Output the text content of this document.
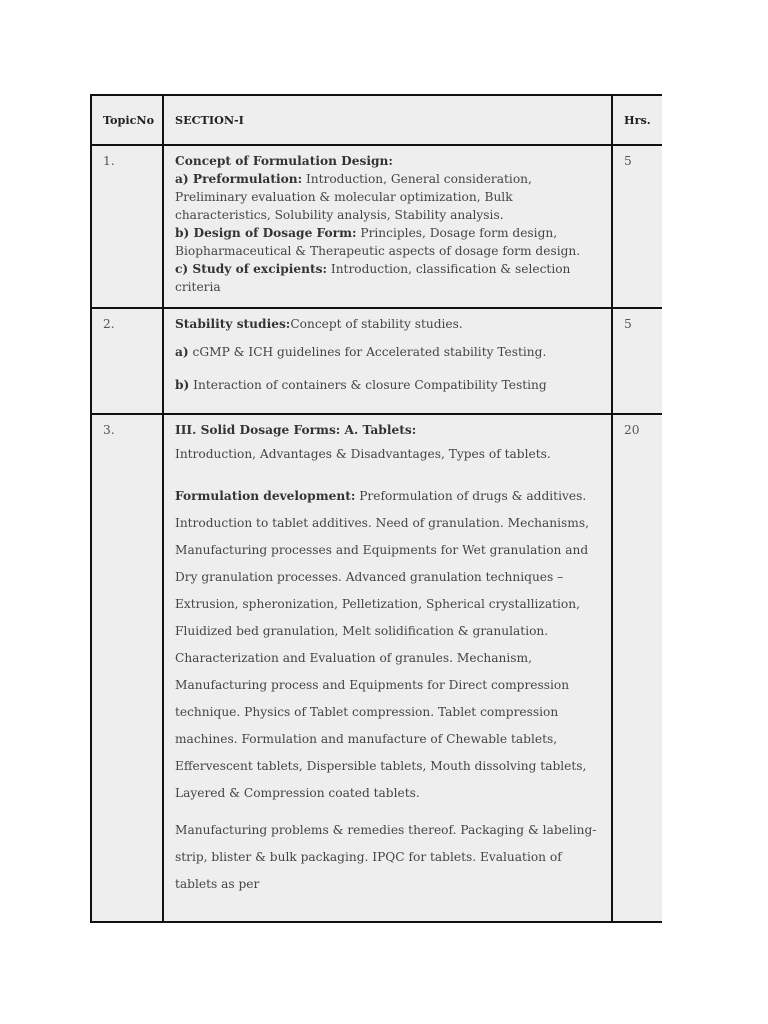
TopicNo	SECTION-I	Hrs.
1.	Concept of Formulation Design:

a) Preformulation: Introduction, General consideration, Preliminary evaluation & molecular optimization, Bulk characteristics, Solubility analysis, Stability analysis.

b) Design of Dosage Form: Principles, Dosage form design, Biopharmaceutical & Therapeutic aspects of dosage form design.

c) Study of excipients: Introduction, classification & selection criteria	5
2.	Stability studies:Concept of stability studies.

a) cGMP & ICH guidelines for Accelerated stability Testing.

b) Interaction of containers & closure Compatibility Testing	5
3.	III. Solid Dosage Forms: A. Tablets:

Introduction, Advantages & Disadvantages, Types of tablets.

Formulation development: Preformulation of drugs & additives. Introduction to tablet additives. Need of granulation. Mechanisms, Manufacturing processes and Equipments for Wet granulation and Dry granulation processes. Advanced granulation techniques – Extrusion, spheronization, Pelletization, Spherical crystallization, Fluidized bed granulation, Melt solidification & granulation. Characterization and Evaluation of granules. Mechanism, Manufacturing process and Equipments for Direct compression technique. Physics of Tablet compression. Tablet compression machines. Formulation and manufacture of Chewable tablets, Effervescent tablets, Dispersible tablets, Mouth dissolving tablets, Layered & Compression coated tablets.

Manufacturing problems & remedies thereof. Packaging & labeling-strip, blister & bulk packaging. IPQC for tablets. Evaluation of tablets as per	20
